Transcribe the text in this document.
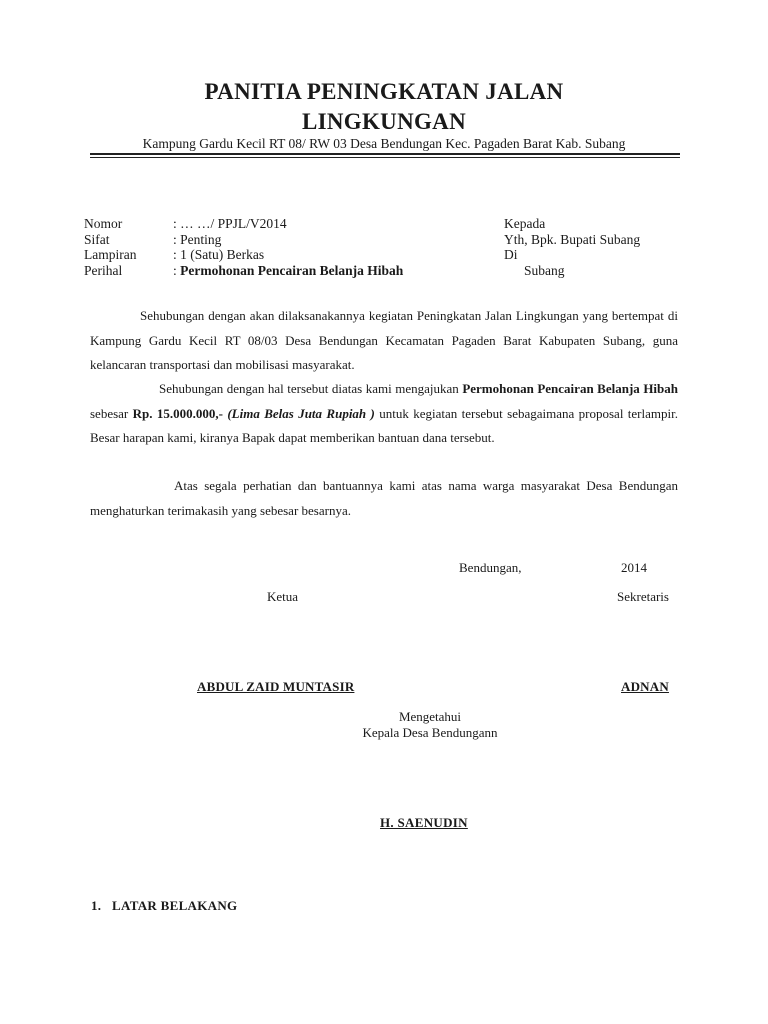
PANITIA PENINGKATAN JALAN
LINGKUNGAN
Kampung Gardu Kecil RT 08/ RW 03 Desa Bendungan Kec. Pagaden Barat Kab. Subang
Nomor	: … …/ PPJL/V2014
Sifat	: Penting
Lampiran	: 1 (Satu) Berkas
Perihal	: Permohonan Pencairan Belanja Hibah
Kepada
Yth, Bpk. Bupati Subang
Di
Subang
Sehubungan dengan akan dilaksanakannya kegiatan Peningkatan Jalan Lingkungan yang bertempat di Kampung Gardu Kecil RT 08/03 Desa Bendungan Kecamatan Pagaden Barat Kabupaten Subang, guna kelancaran transportasi dan mobilisasi masyarakat.
Sehubungan dengan hal tersebut diatas kami mengajukan Permohonan Pencairan Belanja Hibah sebesar Rp. 15.000.000,- (Lima Belas Juta Rupiah ) untuk kegiatan tersebut sebagaimana proposal terlampir. Besar harapan kami, kiranya Bapak dapat memberikan bantuan dana tersebut.
Atas segala perhatian dan bantuannya kami atas nama warga masyarakat Desa Bendungan menghaturkan terimakasih yang sebesar besarnya.
Bendungan,	2014
Ketua	Sekretaris
ABDUL ZAID MUNTASIR	ADNAN
Mengetahui
Kepala Desa Bendungann
H. SAENUDIN
1.   LATAR BELAKANG
